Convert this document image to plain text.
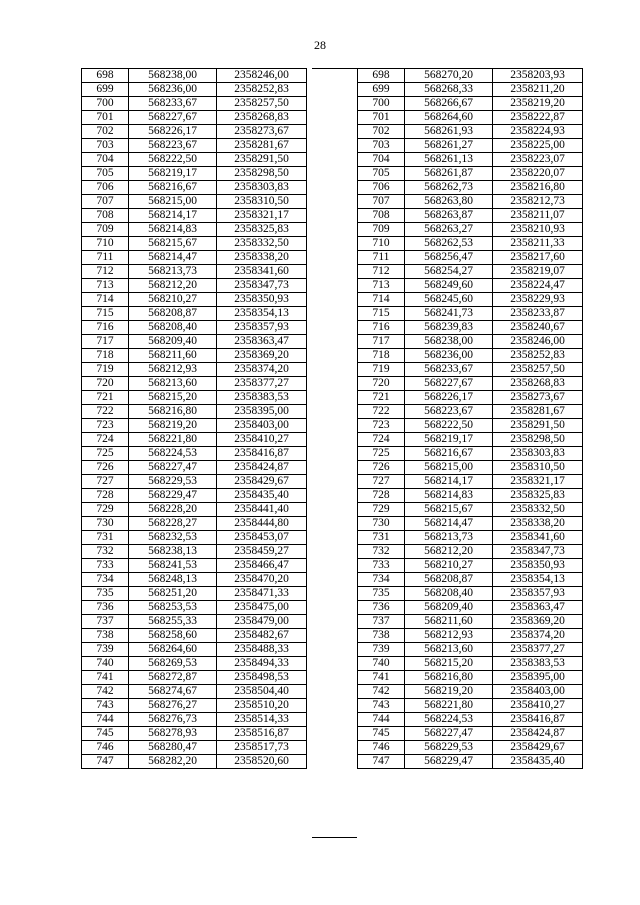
28
698	568238,00	2358246,00
699	568236,00	2358252,83
700	568233,67	2358257,50
701	568227,67	2358268,83
702	568226,17	2358273,67
703	568223,67	2358281,67
704	568222,50	2358291,50
705	568219,17	2358298,50
706	568216,67	2358303,83
707	568215,00	2358310,50
708	568214,17	2358321,17
709	568214,83	2358325,83
710	568215,67	2358332,50
711	568214,47	2358338,20
712	568213,73	2358341,60
713	568212,20	2358347,73
714	568210,27	2358350,93
715	568208,87	2358354,13
716	568208,40	2358357,93
717	568209,40	2358363,47
718	568211,60	2358369,20
719	568212,93	2358374,20
720	568213,60	2358377,27
721	568215,20	2358383,53
722	568216,80	2358395,00
723	568219,20	2358403,00
724	568221,80	2358410,27
725	568224,53	2358416,87
726	568227,47	2358424,87
727	568229,53	2358429,67
728	568229,47	2358435,40
729	568228,20	2358441,40
730	568228,27	2358444,80
731	568232,53	2358453,07
732	568238,13	2358459,27
733	568241,53	2358466,47
734	568248,13	2358470,20
735	568251,20	2358471,33
736	568253,53	2358475,00
737	568255,33	2358479,00
738	568258,60	2358482,67
739	568264,60	2358488,33
740	568269,53	2358494,33
741	568272,87	2358498,53
742	568274,67	2358504,40
743	568276,27	2358510,20
744	568276,73	2358514,33
745	568278,93	2358516,87
746	568280,47	2358517,73
747	568282,20	2358520,60
698	568270,20	2358203,93
699	568268,33	2358211,20
700	568266,67	2358219,20
701	568264,60	2358222,87
702	568261,93	2358224,93
703	568261,27	2358225,00
704	568261,13	2358223,07
705	568261,87	2358220,07
706	568262,73	2358216,80
707	568263,80	2358212,73
708	568263,87	2358211,07
709	568263,27	2358210,93
710	568262,53	2358211,33
711	568256,47	2358217,60
712	568254,27	2358219,07
713	568249,60	2358224,47
714	568245,60	2358229,93
715	568241,73	2358233,87
716	568239,83	2358240,67
717	568238,00	2358246,00
718	568236,00	2358252,83
719	568233,67	2358257,50
720	568227,67	2358268,83
721	568226,17	2358273,67
722	568223,67	2358281,67
723	568222,50	2358291,50
724	568219,17	2358298,50
725	568216,67	2358303,83
726	568215,00	2358310,50
727	568214,17	2358321,17
728	568214,83	2358325,83
729	568215,67	2358332,50
730	568214,47	2358338,20
731	568213,73	2358341,60
732	568212,20	2358347,73
733	568210,27	2358350,93
734	568208,87	2358354,13
735	568208,40	2358357,93
736	568209,40	2358363,47
737	568211,60	2358369,20
738	568212,93	2358374,20
739	568213,60	2358377,27
740	568215,20	2358383,53
741	568216,80	2358395,00
742	568219,20	2358403,00
743	568221,80	2358410,27
744	568224,53	2358416,87
745	568227,47	2358424,87
746	568229,53	2358429,67
747	568229,47	2358435,40
